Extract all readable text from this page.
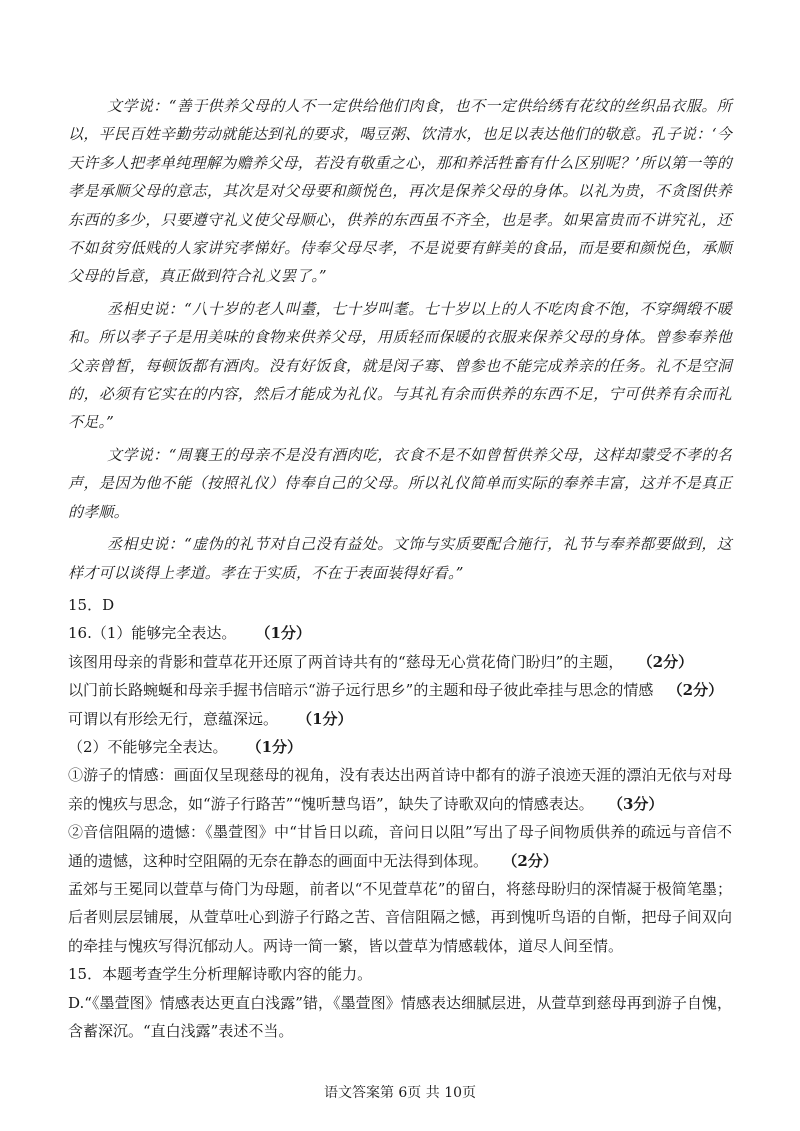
文学说：“善于供养父母的人不一定供给他们肉食，也不一定供给绣有花纹的丝织品衣服。所以，平民百姓辛勤劳动就能达到礼的要求，喝豆粥、饮清水，也足以表达他们的敬意。孔子说：‘今天许多人把孝单纯理解为赡养父母，若没有敬重之心，那和养活牲畜有什么区别呢？’所以第一等的孝是承顺父母的意志，其次是对父母要和颜悦色，再次是保养父母的身体。以礼为贵，不贪图供养东西的多少，只要遵守礼义使父母顺心，供养的东西虽不齐全，也是孝。如果富贵而不讲究礼，还不如贫穷低贱的人家讲究孝悌好。侍奉父母尽孝，不是说要有鲜美的食品，而是要和颜悦色，承顺父母的旨意，真正做到符合礼义罢了。”

丞相史说：“八十岁的老人叫耋，七十岁叫耄。七十岁以上的人不吃肉食不饱，不穿绸缎不暖和。所以孝子子是用美味的食物来供养父母，用质轻而保暖的衣服来保养父母的身体。曾参奉养他父亲曾皙，每顿饭都有酒肉。没有好饭食，就是闵子骞、曾参也不能完成养亲的任务。礼不是空洞的，必须有它实在的内容，然后才能成为礼仪。与其礼有余而供养的东西不足，宁可供养有余而礼不足。”

文学说：“周襄王的母亲不是没有酒肉吃，衣食不是不如曾皙供养父母，这样却蒙受不孝的名声，是因为他不能（按照礼仪）侍奉自己的父母。所以礼仪简单而实际的奉养丰富，这并不是真正的孝顺。

丞相史说：“虚伪的礼节对自己没有益处。文饰与实质要配合施行，礼节与奉养都要做到，这样才可以谈得上孝道。孝在于实质，不在于表面装得好看。”

15．D

16.（1）能够完全表达。 （1分）

该图用母亲的背影和萱草花开还原了两首诗共有的“慈母无心赏花倚门盼归”的主题， （2分）

以门前长路蜿蜒和母亲手握书信暗示“游子远行思乡”的主题和母子彼此牵挂与思念的情感 （2分）

可谓以有形绘无行，意蕴深远。 （1分）

（2）不能够完全表达。 （1分）

①游子的情感：画面仅呈现慈母的视角，没有表达出两首诗中都有的游子浪迹天涯的漂泊无依与对母亲的愧疚与思念，如“游子行路苦”“愧听慧鸟语”，缺失了诗歌双向的情感表达。 （3分）

②音信阻隔的遗憾：《墨萱图》中“甘旨日以疏，音问日以阻”写出了母子间物质供养的疏远与音信不通的遗憾，这种时空阻隔的无奈在静态的画面中无法得到体现。 （2分）

孟郊与王冕同以萱草与倚门为母题，前者以“不见萱草花”的留白，将慈母盼归的深情凝于极简笔墨；后者则层层铺展，从萱草吐心到游子行路之苦、音信阻隔之憾，再到愧听鸟语的自惭，把母子间双向的牵挂与愧疚写得沉郁动人。两诗一简一繁，皆以萱草为情感载体，道尽人间至情。

15．本题考查学生分析理解诗歌内容的能力。

D.“《墨萱图》情感表达更直白浅露”错，《墨萱图》情感表达细腻层进，从萱草到慈母再到游子自愧，含蓄深沉。“直白浅露”表述不当。

语文答案第 6页 共 10页
